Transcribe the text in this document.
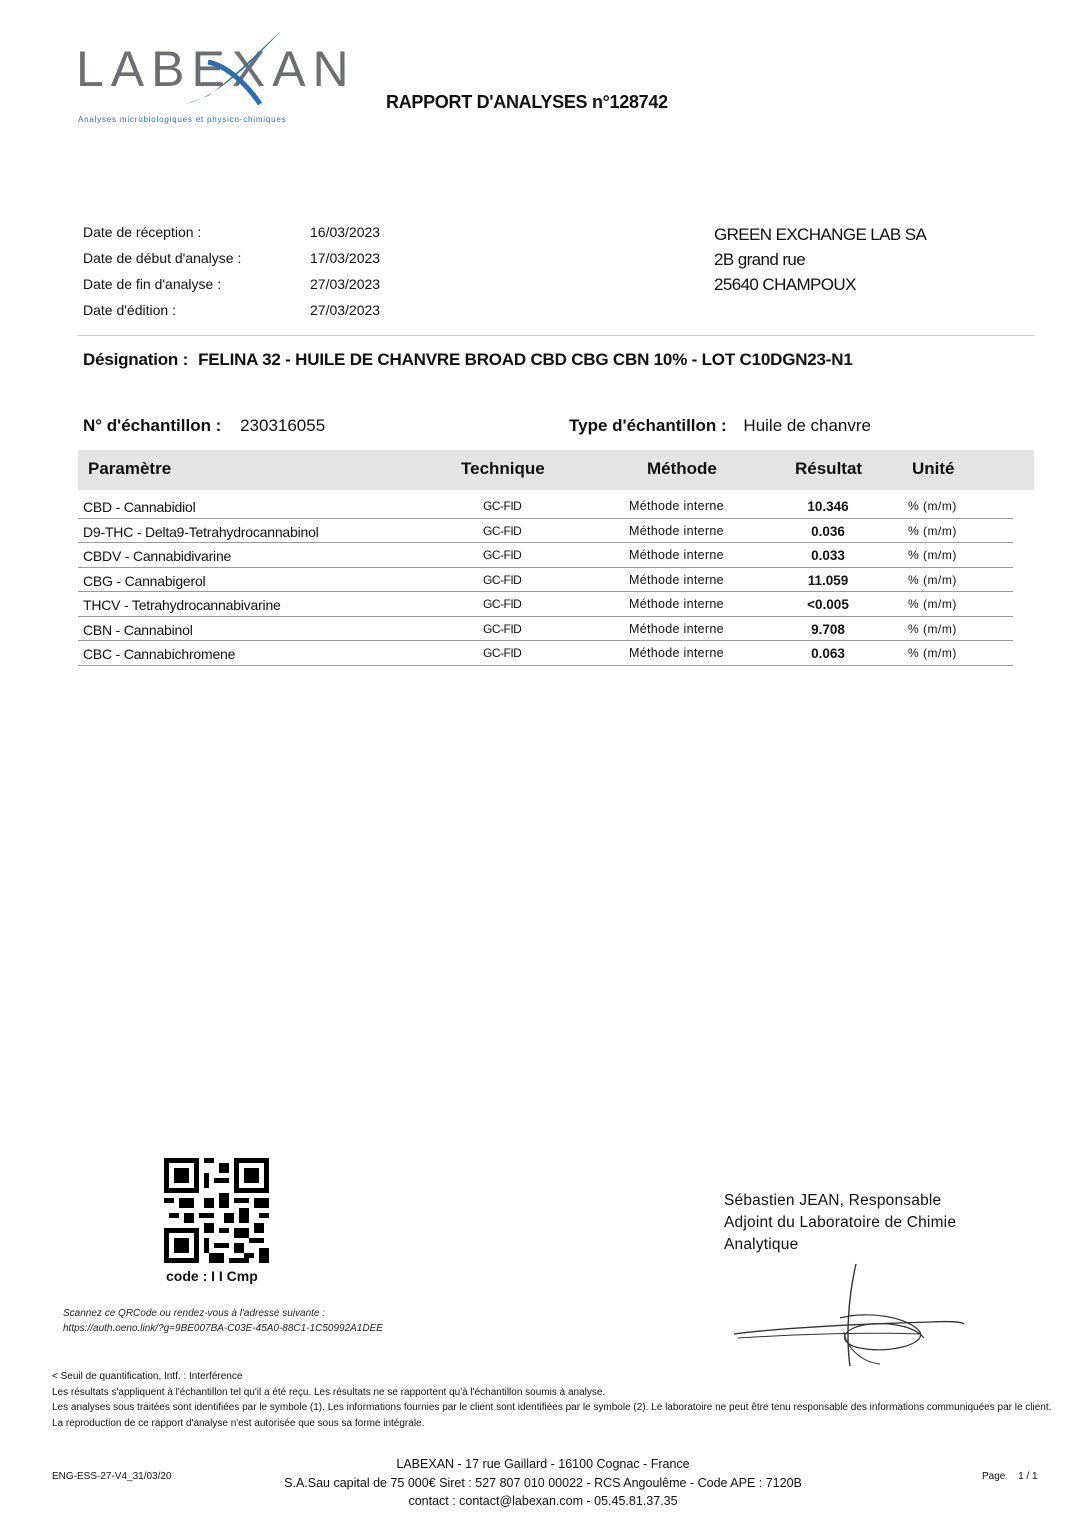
LABEXAN
Analyses microbiologiques et physico-chimiques
RAPPORT D'ANALYSES n°128742
Date de réception :	16/03/2023
Date de début d'analyse :	17/03/2023
Date de fin d'analyse :	27/03/2023
Date d'édition :	27/03/2023
GREEN EXCHANGE LAB SA
2B grand rue
25640 CHAMPOUX
Désignation : FELINA 32 - HUILE DE CHANVRE BROAD CBD CBG CBN 10% - LOT C10DGN23-N1
N° d'échantillon : 230316055	Type d'échantillon : Huile de chanvre
Paramètre	Technique	Méthode	Résultat	Unité
CBD - Cannabidiol	GC-FID	Méthode interne	10.346	% (m/m)
D9-THC - Delta9-Tetrahydrocannabinol	GC-FID	Méthode interne	0.036	% (m/m)
CBDV - Cannabidivarine	GC-FID	Méthode interne	0.033	% (m/m)
CBG - Cannabigerol	GC-FID	Méthode interne	11.059	% (m/m)
THCV - Tetrahydrocannabivarine	GC-FID	Méthode interne	<0.005	% (m/m)
CBN - Cannabinol	GC-FID	Méthode interne	9.708	% (m/m)
CBC - Cannabichromene	GC-FID	Méthode interne	0.063	% (m/m)
code : I I Cmp
Scannez ce QRCode ou rendez-vous à l'adresse suivante :
https://auth.oeno.link/?g=9BE007BA-C03E-45A0-88C1-1C50992A1DEE
Sébastien JEAN, Responsable
Adjoint du Laboratoire de Chimie
Analytique
< Seuil de quantification, Intf. : Interférence
Les résultats s'appliquent à l'échantillon tel qu'il a été reçu. Les résultats ne se rapportent qu'à l'échantillon soumis à analyse.
Les analyses sous traitées sont identifiées par le symbole (1). Les informations fournies par le client sont identifiées par le symbole (2). Le laboratoire ne peut être tenu responsable des informations communiquées par le client.
La reproduction de ce rapport d'analyse n'est autorisée que sous sa forme intégrale.
ENG-ESS-27-V4_31/03/20
LABEXAN - 17 rue Gaillard - 16100 Cognac - France
S.A.Sau capital de 75 000€ Siret : 527 807 010 00022 - RCS Angoulême - Code APE : 7120B
contact : contact@labexan.com - 05.45.81.37.35
Page 1 / 1
